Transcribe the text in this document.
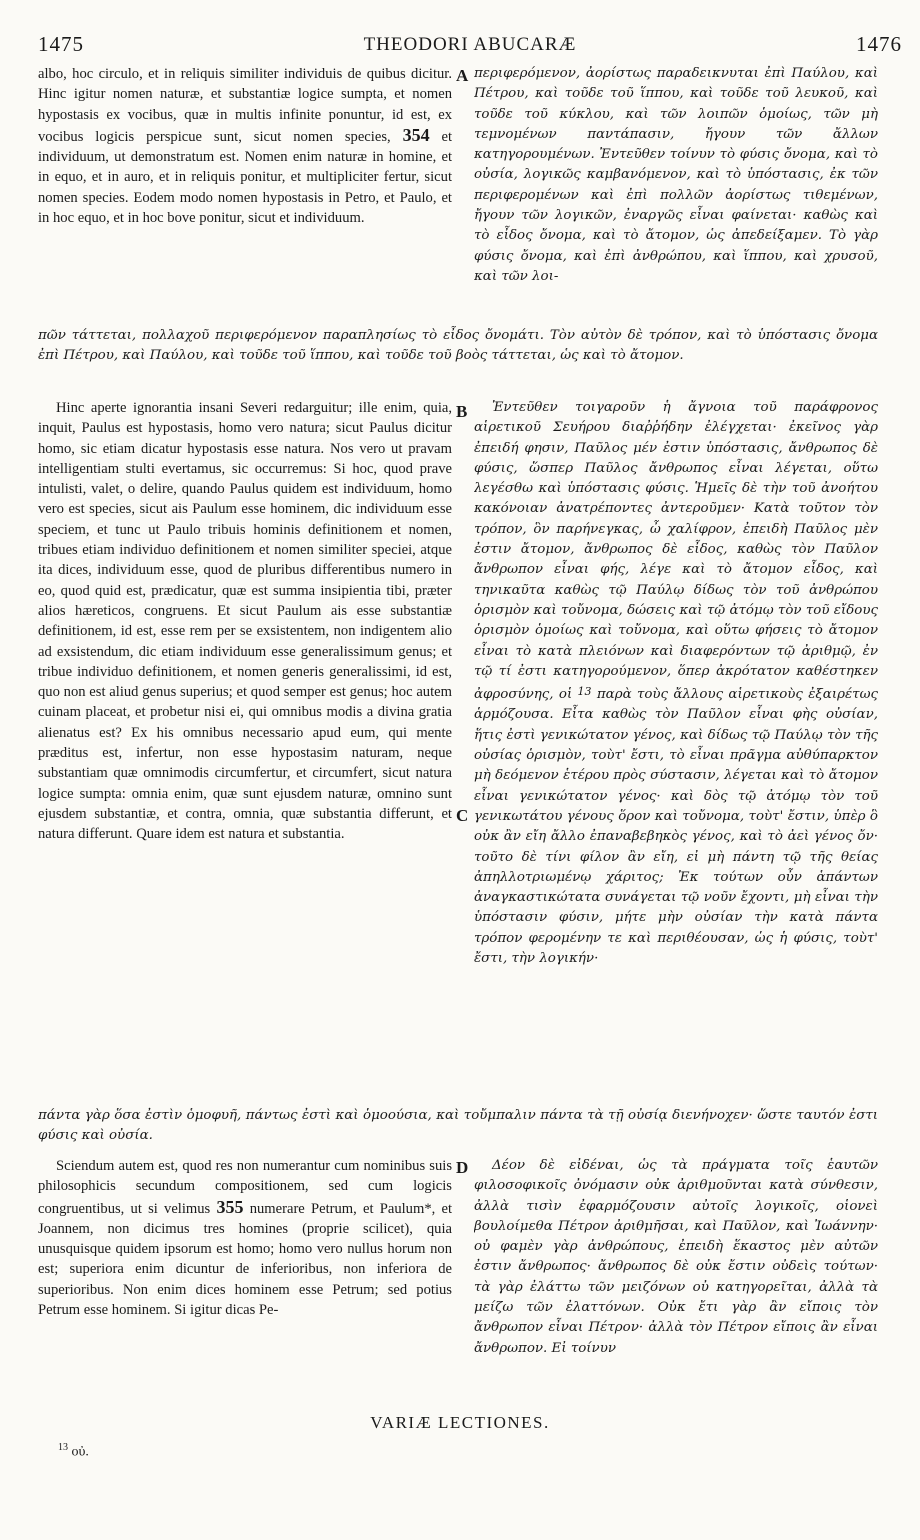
1475	THEODORI ABUCARÆ	1476
albo, hoc circulo, et in reliquis similiter individuis de quibus dicitur. Hinc igitur nomen naturæ, et substantiæ logice sumpta, et nomen hypostasis ex vocibus, quæ in multis infinite ponuntur, id est, ex vocibus logicis perspicue sunt, sicut nomen species, 354 et individuum, ut demonstratum est. Nomen enim naturæ in homine, et in equo, et in auro, et in reliquis ponitur, et multipliciter fertur, sicut nomen species. Eodem modo nomen hypostasis in Petro, et Paulo, et in hoc equo, et in hoc bove ponitur, sicut et individuum.
A περιφερόμενον, ἀορίστως παραδεικνυται ἐπὶ Παύλου, καὶ Πέτρου, καὶ τοῦδε τοῦ ἵππου, καὶ τοῦδε τοῦ λευκοῦ, καὶ τοῦδε τοῦ κύκλου, καὶ τῶν λοιπῶν ὁμοίως, τῶν μὴ τεμνομένων παντάπασιν, ἤγουν τῶν ἄλλων κατηγορουμένων. Ἐντεῦθεν τοίνυν τὸ φύσις ὄνομα, καὶ τὸ οὐσία, λογικῶς καμβανόμενον, καὶ τὸ ὑπόστασις, ἐκ τῶν περιφερομένων καὶ ἐπὶ πολλῶν ἀορίστως τιθεμένων, ἤγουν τῶν λογικῶν, ἐναργῶς εἶναι φαίνεται· καθὼς καὶ τὸ εἶδος ὄνομα, καὶ τὸ ἄτομον, ὡς ἀπεδείξαμεν. Τὸ γὰρ φύσις ὄνομα, καὶ ἐπὶ ἀνθρώπου, καὶ ἵππου, καὶ χρυσοῦ, καὶ τῶν λοι-
πῶν τάττεται, πολλαχοῦ περιφερόμενον παραπλησίως τὸ εἶδος ὄνομάτι. Τὸν αὐτὸν δὲ τρόπον, καὶ τὸ ὑπόστασις ὄνομα ἐπὶ Πέτρου, καὶ Παύλου, καὶ τοῦδε τοῦ ἵππου, καὶ τοῦδε τοῦ βοὸς τάττεται, ὡς καὶ τὸ ἄτομον.
Hinc aperte ignorantia insani Severi redarguitur; ille enim, quia, inquit, Paulus est hypostasis, homo vero natura; sicut Paulus dicitur homo, sic etiam dicatur hypostasis esse natura. Nos vero ut pravam intelligentiam stulti evertamus, sic occurremus: Si hoc, quod prave intulisti, valet, o delire, quando Paulus quidem est individuum, homo vero est species, sicut ais Paulum esse hominem, dic individuum esse speciem, et tunc ut Paulo tribuis hominis definitionem et nomen, tribues etiam individuo definitionem et nomen similiter speciei, atque ita dices, individuum esse, quod de pluribus differentibus numero in eo, quod quid est, prædicatur, quæ est summa insipientia tibi, præter alios hæreticos, congruens. Et sicut Paulum ais esse substantiæ definitionem, id est, esse rem per se exsistentem, non indigentem alio ad exsistendum, dic etiam individuum esse generalissimum genus; et tribue individuo definitionem, et nomen generis generalissimi, id est, quo non est aliud genus superius; et quod semper est genus; hoc autem cuinam placeat, et probetur nisi ei, qui omnibus modis a divina gratia alienatus est? Ex his omnibus necessario apud eum, qui mente præditus est, infertur, non esse hypostasim naturam, neque substantiam quæ omnimodis circumfertur, et circumfert, sicut natura logice sumpta: omnia enim, quæ sunt ejusdem naturæ, omnino sunt ejusdem substantiæ, et contra, omnia, quæ substantia differunt, et natura differunt. Quare idem est natura et substantia.
B
C
Ἐντεῦθεν τοιγαροῦν ἡ ἄγνοια τοῦ παράφρονος αἱρετικοῦ Σευήρου διαῤῥήδην ἐλέγχεται· ἐκεῖνος γὰρ ἐπειδή φησιν, Παῦλος μέν ἐστιν ὑπόστασις, ἄνθρωπος δὲ φύσις, ὥσπερ Παῦλος ἄνθρωπος εἶναι λέγεται, οὕτω λεγέσθω καὶ ὑπόστασις φύσις. Ἡμεῖς δὲ τὴν τοῦ ἀνοήτου κακόνοιαν ἀνατρέποντες ἀντεροῦμεν· Κατὰ τοῦτον τὸν τρόπον, ὃν παρήνεγκας, ὦ χαλίφρον, ἐπειδὴ Παῦλος μὲν ἐστιν ἄτομον, ἄνθρωπος δὲ εἶδος, καθὼς τὸν Παῦλον ἄνθρωπον εἶναι φής, λέγε καὶ τὸ ἄτομον εἶδος, καὶ τηνικαῦτα καθὼς τῷ Παύλῳ δίδως τὸν τοῦ ἀνθρώπου ὁρισμὸν καὶ τοὔνομα, δώσεις καὶ τῷ ἀτόμῳ τὸν τοῦ εἴδους ὁρισμὸν ὁμοίως καὶ τοὔνομα, καὶ οὕτω φήσεις τὸ ἄτομον εἶναι τὸ κατὰ πλειόνων καὶ διαφερόντων τῷ ἀριθμῷ, ἐν τῷ τί ἐστι κατηγορούμενον, ὅπερ ἀκρότατον καθέστηκεν ἀφροσύνης, οἱ $^{13}$ παρὰ τοὺς ἄλλους αἱρετικοὺς ἐξαιρέτως ἁρμόζουσα. Εἶτα καθὼς τὸν Παῦλον εἶναι φὴς οὐσίαν, ἥτις ἐστὶ γενικώτατον γένος, καὶ δίδως τῷ Παύλῳ τὸν τῆς οὐσίας ὁρισμὸν, τοὺτ' ἔστι, τὸ εἶναι πρᾶγμα αὐθύπαρκτον μὴ δεόμενον ἑτέρου πρὸς σύστασιν, λέγεται καὶ τὸ ἄτομον εἶναι γενικώτατον γένος· καὶ δὸς τῷ ἀτόμῳ τὸν τοῦ γενικωτάτου γένους ὅρον καὶ τοὔνομα, τοὺτ' ἔστιν, ὑπὲρ ὃ οὐκ ἂν εἴη ἄλλο ἐπαναβεβηκὸς γένος, καὶ τὸ ἀεὶ γένος ὄν· τοῦτο δὲ τίνι φίλον ἂν εἴη, εἰ μὴ πάντη τῷ τῆς θείας ἀπηλλοτριωμένῳ χάριτος; Ἐκ τούτων οὖν ἁπάντων ἀναγκαστικώτατα συνάγεται τῷ νοῦν ἔχοντι, μὴ εἶναι τὴν ὑπόστασιν φύσιν, μήτε μὴν οὐσίαν τὴν κατὰ πάντα τρόπον φερομένην τε καὶ περιθέουσαν, ὡς ἡ φύσις, τοὺτ' ἔστι, τὴν λογικήν·
πάντα γὰρ ὅσα ἐστὶν ὁμοφυῆ, πάντως ἐστὶ καὶ ὁμοούσια, καὶ τοὔμπαλιν πάντα τὰ τῇ οὐσίᾳ διενήνοχεν· ὥστε ταυτόν ἐστι φύσις καὶ οὐσία.
Sciendum autem est, quod res non numerantur cum nominibus suis philosophicis secundum compositionem, sed cum logicis congruentibus, ut si velimus 355 numerare Petrum, et Paulum*, et Joannem, non dicimus tres homines (proprie scilicet), quia unusquisque quidem ipsorum est homo; homo vero nullus horum non est; superiora enim dicuntur de inferioribus, non inferiora de superioribus. Non enim dices hominem esse Petrum; sed potius Petrum esse hominem. Si igitur dicas Pe-
D	Δέον δὲ εἰδέναι, ὡς τὰ πράγματα τοῖς ἑαυτῶν φιλοσοφικοῖς ὀνόμασιν οὐκ ἀριθμοῦνται κατὰ σύνθεσιν, ἀλλὰ τισὶν ἐφαρμόζουσιν αὐτοῖς λογικοῖς, οἱονεὶ βουλοίμεθα Πέτρον ἀριθμῆσαι, καὶ Παῦλον, καὶ Ἰωάννην· οὐ φαμὲν γὰρ ἀνθρώπους, ἐπειδὴ ἕκαστος μὲν αὐτῶν ἐστιν ἄνθρωπος· ἄνθρωπος δὲ οὐκ ἔστιν οὐδεὶς τούτων· τὰ γὰρ ἐλάττω τῶν μειζόνων οὐ κατηγορεῖται, ἀλλὰ τὰ μείζω τῶν ἐλαττόνων. Οὐκ ἔτι γὰρ ἂν εἴποις τὸν ἄνθρωπον εἶναι Πέτρον· ἀλλὰ τὸν Πέτρον εἴποις ἂν εἶναι ἄνθρωπον. Εἰ τοίνυν
VARIÆ LECTIONES.
$^{13}$ οὐ.
